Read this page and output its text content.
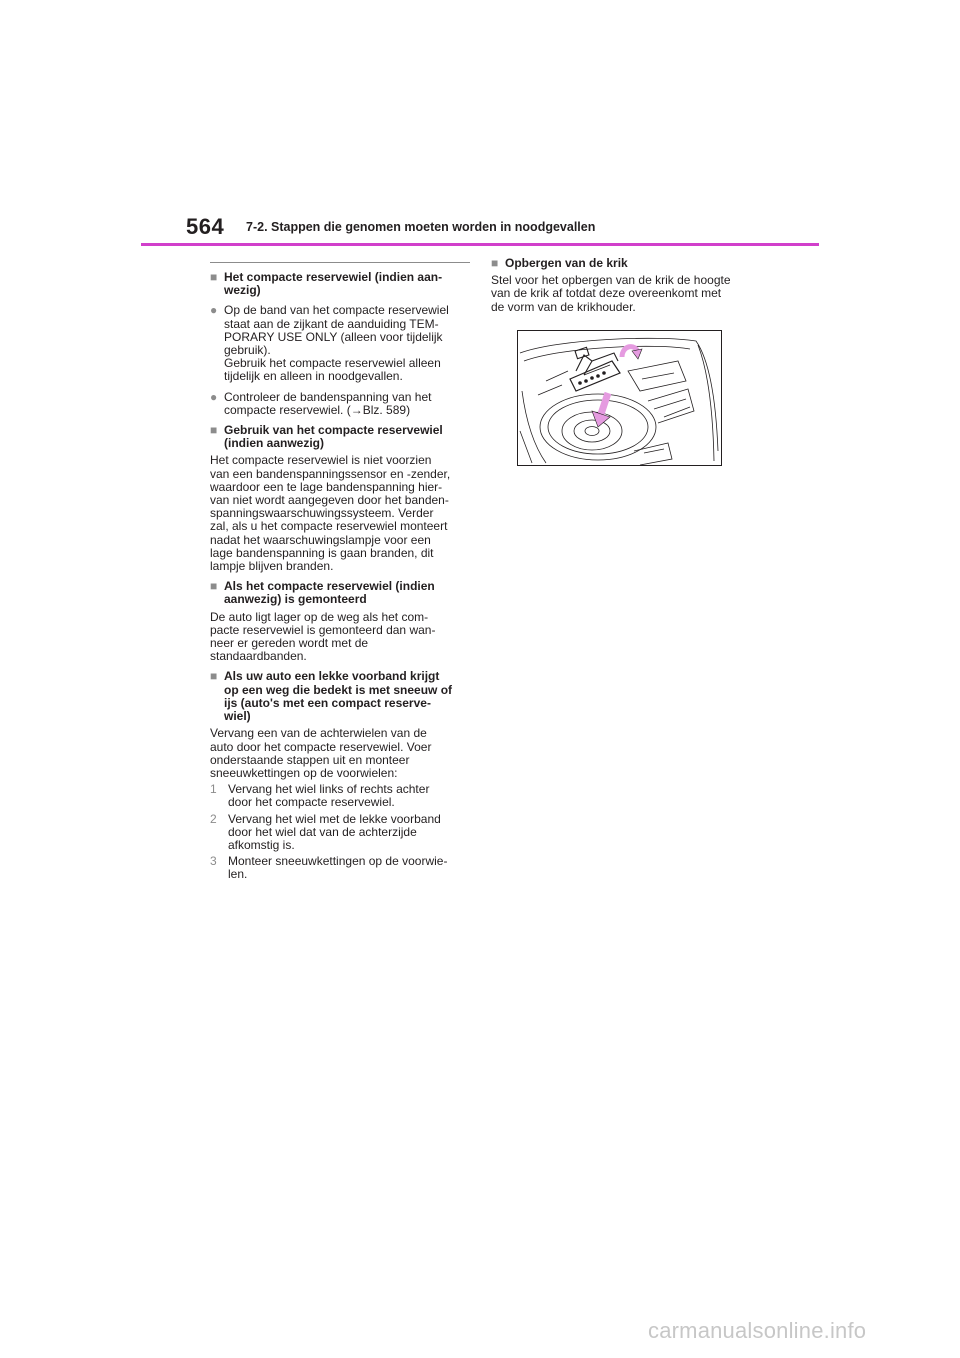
564 7-2. Stappen die genomen moeten worden in noodgevallen
■ Het compacte reservewiel (indien aan-
wezig)
● Op de band van het compacte reservewiel
staat aan de zijkant de aanduiding TEM-
PORARY USE ONLY (alleen voor tijdelijk
gebruik).
Gebruik het compacte reservewiel alleen
tijdelijk en alleen in noodgevallen.
● Controleer de bandenspanning van het
compacte reservewiel. (→Blz. 589)
■ Gebruik van het compacte reservewiel
(indien aanwezig)
Het compacte reservewiel is niet voorzien
van een bandenspanningssensor en -zender,
waardoor een te lage bandenspanning hier-
van niet wordt aangegeven door het banden-
spanningswaarschuwingssysteem. Verder
zal, als u het compacte reservewiel monteert
nadat het waarschuwingslampje voor een
lage bandenspanning is gaan branden, dit
lampje blijven branden.
■ Als het compacte reservewiel (indien
aanwezig) is gemonteerd
De auto ligt lager op de weg als het com-
pacte reservewiel is gemonteerd dan wan-
neer er gereden wordt met de
standaardbanden.
■ Als uw auto een lekke voorband krijgt
op een weg die bedekt is met sneeuw of
ijs (auto's met een compact reserve-
wiel)
Vervang een van de achterwielen van de
auto door het compacte reservewiel. Voer
onderstaande stappen uit en monteer
sneeuwkettingen op de voorwielen:
1 Vervang het wiel links of rechts achter
door het compacte reservewiel.
2 Vervang het wiel met de lekke voorband
door het wiel dat van de achterzijde
afkomstig is.
3 Monteer sneeuwkettingen op de voorwie-
len.
■ Opbergen van de krik
Stel voor het opbergen van de krik de hoogte
van de krik af totdat deze overeenkomt met
de vorm van de krikhouder.
carmanualsonline.info
